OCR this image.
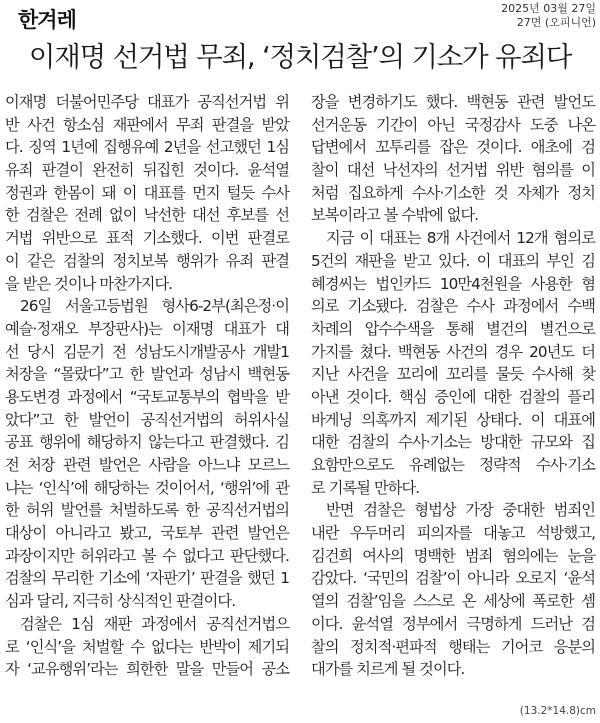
한겨레	2025년 03월 27일
27면 (오피니언)
이재명 선거법 무죄, ‘정치검찰’의 기소가 유죄다
이재명 더불어민주당 대표가 공직선거법 위
반 사건 항소심 재판에서 무죄 판결을 받았
다. 징역 1년에 집행유예 2년을 선고했던 1심
유죄 판결이 완전히 뒤집힌 것이다. 윤석열
정권과 한몸이 돼 이 대표를 먼지 털듯 수사
한 검찰은 전례 없이 낙선한 대선 후보를 선
거법 위반으로 표적 기소했다. 이번 판결로
이 같은 검찰의 정치보복 행위가 유죄 판결
을 받은 것이나 마찬가지다.
26일 서울고등법원 형사6-2부(최은정·이
예슬·정재오 부장판사)는 이재명 대표가 대
선 당시 김문기 전 성남도시개발공사 개발1
처장을 “몰랐다”고 한 발언과 성남시 백현동
용도변경 과정에서 “국토교통부의 협박을 받
았다”고 한 발언이 공직선거법의 허위사실
공표 행위에 해당하지 않는다고 판결했다. 김
전 처장 관련 발언은 사람을 아느냐 모르느
냐는 ‘인식’에 해당하는 것이어서, ‘행위’에 관
한 허위 발언를 처벌하도록 한 공직선거법의
대상이 아니라고 봤고, 국토부 관련 발언은
과장이지만 허위라고 볼 수 없다고 판단했다.
검찰의 무리한 기소에 ‘자판기’ 판결을 했던 1
심과 달리, 지극히 상식적인 판결이다.
검찰은 1심 재판 과정에서 공직선거법으
로 ‘인식’을 처벌할 수 없다는 반박이 제기되
자 ‘교유행위’라는 희한한 말을 만들어 공소
장을 변경하기도 했다. 백현동 관련 발언도
선거운동 기간이 아닌 국정감사 도중 나온
답변에서 꼬투리를 잡은 것이다. 애초에 검
찰이 대선 낙선자의 선거법 위반 혐의를 이
처럼 집요하게 수사·기소한 것 자체가 정치
보복이라고 볼 수밖에 없다.
지금 이 대표는 8개 사건에서 12개 혐의로
5건의 재판을 받고 있다. 이 대표의 부인 김
혜경씨는 법인카드 10만4천원을 사용한 혐
의로 기소됐다. 검찰은 수사 과정에서 수백
차례의 압수수색을 통해 별건의 별건으로
가지를 쳤다. 백현동 사건의 경우 20년도 더
지난 사건을 꼬리에 꼬리를 물듯 수사해 찾
아낸 것이다. 핵심 증인에 대한 검찰의 플리
바게닝 의혹까지 제기된 상태다. 이 대표에
대한 검찰의 수사·기소는 방대한 규모와 집
요함만으로도 유례없는 정략적 수사·기소
로 기록될 만하다.
반면 검찰은 형법상 가장 중대한 범죄인
내란 우두머리 피의자를 대놓고 석방했고,
김건희 여사의 명백한 범죄 혐의에는 눈을
감았다. ‘국민의 검찰’이 아니라 오로지 ‘윤석
열의 검찰’임을 스스로 온 세상에 폭로한 셈
이다. 윤석열 정부에서 극명하게 드러난 검
찰의 정치적·편파적 행태는 기어코 응분의
대가를 치르게 될 것이다.
(13.2*14.8)cm
